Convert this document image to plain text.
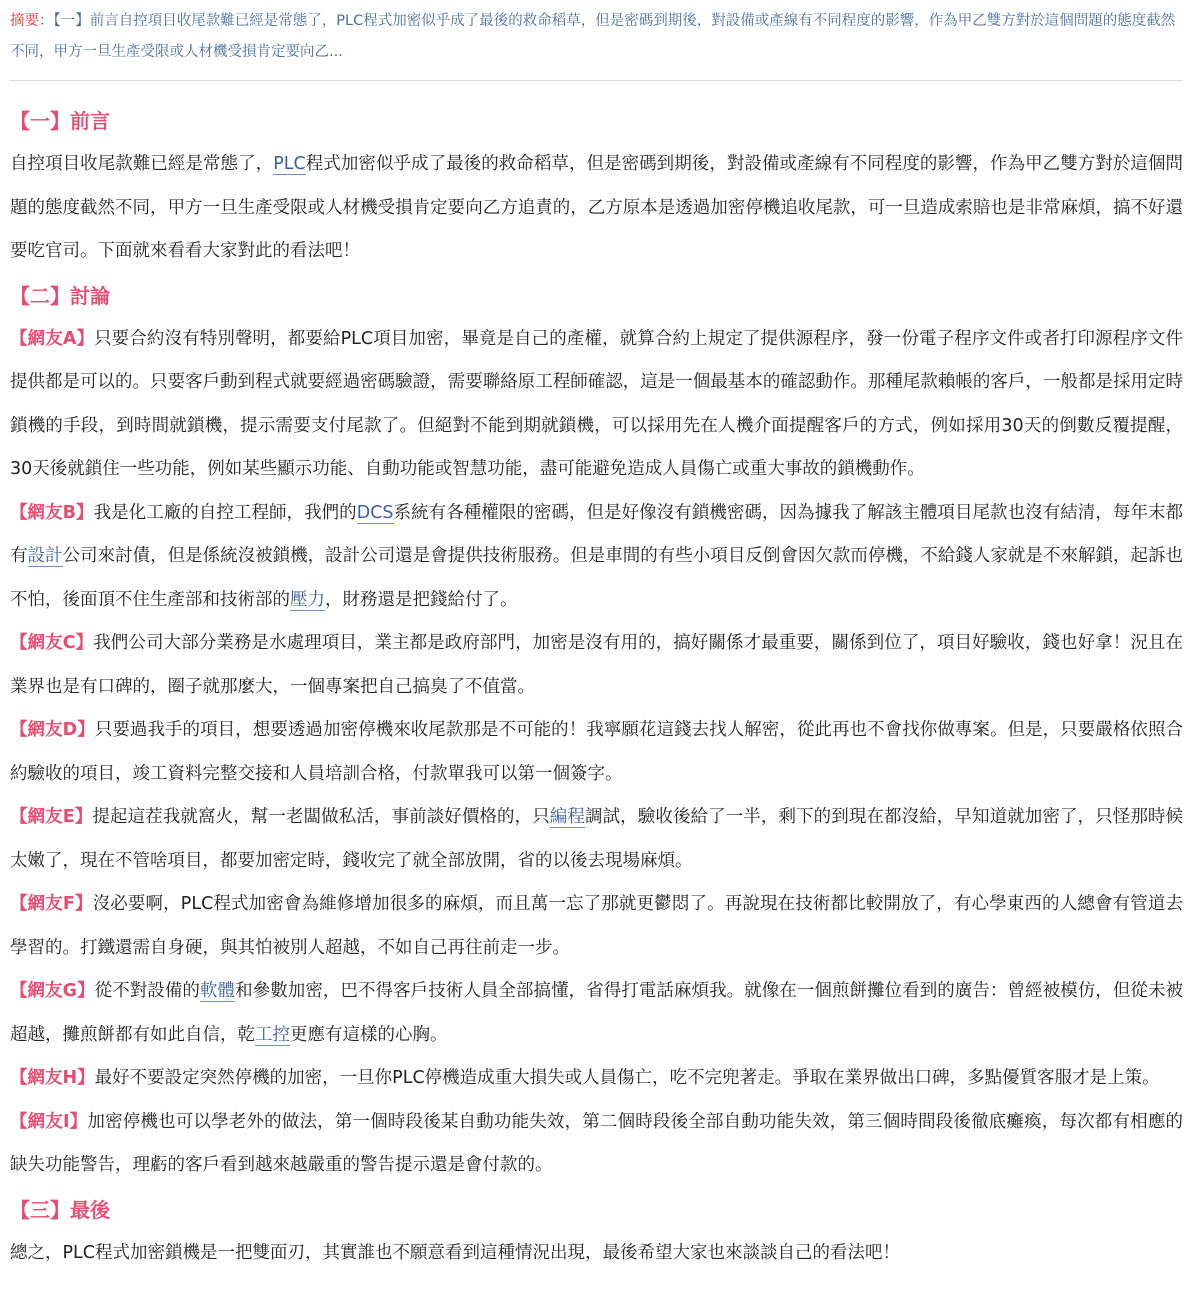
摘要：【一】前言自控項目收尾款難已經是常態了，PLC程式加密似乎成了最後的救命稻草，但是密碼到期後，對設備或產線有不同程度的影響，作為甲乙雙方對於這個問題的態度截然不同，甲方一旦生產受限或人材機受損肯定要向乙...
【一】前言

自控項目收尾款難已經是常態了，PLC程式加密似乎成了最後的救命稻草，但是密碼到期後，對設備或產線有不同程度的影響，作為甲乙雙方對於這個問題的態度截然不同，甲方一旦生產受限或人材機受損肯定要向乙方追責的，乙方原本是透過加密停機追收尾款，可一旦造成索賠也是非常麻煩，搞不好還要吃官司。下面就來看看大家對此的看法吧！

【二】討論

【網友A】只要合約沒有特別聲明，都要給PLC項目加密，畢竟是自己的產權，就算合約上規定了提供源程序，發一份電子程序文件或者打印源程序文件提供都是可以的。只要客戶動到程式就要經過密碼驗證，需要聯絡原工程師確認，這是一個最基本的確認動作。那種尾款賴帳的客戶，一般都是採用定時鎖機的手段，到時間就鎖機，提示需要支付尾款了。但絕對不能到期就鎖機，可以採用先在人機介面提醒客戶的方式，例如採用30天的倒數反覆提醒，30天後就鎖住一些功能，例如某些顯示功能、自動功能或智慧功能，盡可能避免造成人員傷亡或重大事故的鎖機動作。

【網友B】我是化工廠的自控工程師，我們的DCS系統有各種權限的密碼，但是好像沒有鎖機密碼，因為據我了解該主體項目尾款也沒有結清，每年末都有設計公司來討債，但是係統沒被鎖機，設計公司還是會提供技術服務。但是車間的有些小項目反倒會因欠款而停機，不給錢人家就是不來解鎖，起訴也不怕，後面頂不住生產部和技術部的壓力，財務還是把錢給付了。

【網友C】我們公司大部分業務是水處理項目，業主都是政府部門，加密是沒有用的，搞好關係才最重要，關係到位了，項目好驗收，錢也好拿！況且在業界也是有口碑的，圈子就那麼大，一個專案把自己搞臭了不值當。

【網友D】只要過我手的項目，想要透過加密停機來收尾款那是不可能的！我寧願花這錢去找人解密，從此再也不會找你做專案。但是，只要嚴格依照合約驗收的項目，竣工資料完整交接和人員培訓合格，付款單我可以第一個簽字。

【網友E】提起這茬我就窩火，幫一老闆做私活，事前談好價格的，只編程調試，驗收後給了一半，剩下的到現在都沒給，早知道就加密了，只怪那時候太嫩了，現在不管啥項目，都要加密定時，錢收完了就全部放開，省的以後去現場麻煩。

【網友F】沒必要啊，PLC程式加密會為維修增加很多的麻煩，而且萬一忘了那就更鬱悶了。再說現在技術都比較開放了，有心學東西的人總會有管道去學習的。打鐵還需自身硬，與其怕被別人超越，不如自己再往前走一步。

【網友G】從不對設備的軟體和參數加密，巴不得客戶技術人員全部搞懂，省得打電話麻煩我。就像在一個煎餅攤位看到的廣告：曾經被模仿，但從未被超越，攤煎餅都有如此自信，乾工控更應有這樣的心胸。

【網友H】最好不要設定突然停機的加密，一旦你PLC停機造成重大損失或人員傷亡，吃不完兜著走。爭取在業界做出口碑，多點優質客服才是上策。

【網友I】加密停機也可以學老外的做法，第一個時段後某自動功能失效，第二個時段後全部自動功能失效，第三個時間段後徹底癱瘓，每次都有相應的缺失功能警告，理虧的客戶看到越來越嚴重的警告提示還是會付款的。

【三】最後

總之，PLC程式加密鎖機是一把雙面刃，其實誰也不願意看到這種情況出現，最後希望大家也來談談自己的看法吧！
